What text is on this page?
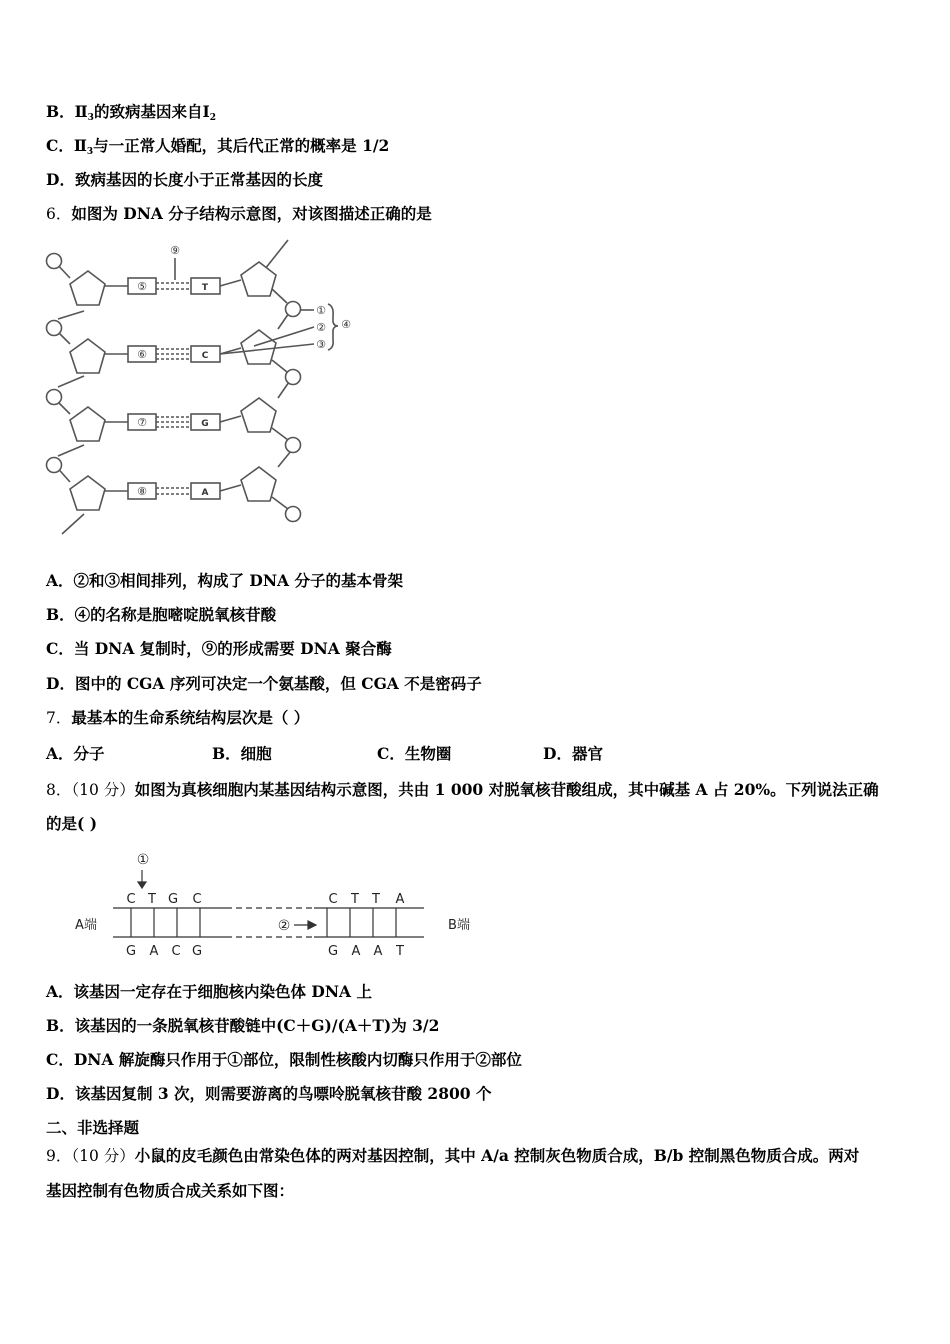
B．$Ⅱ_3$的致病基因来自$Ⅰ_2$
C．$Ⅱ_3$与一正常人婚配，其后代正常的概率是 1/2
D．致病基因的长度小于正常基因的长度
6．如图为 DNA 分子结构示意图，对该图描述正确的是
⑤
⑥
⑦
⑧
T
C
G
A
⑨
①
②
③
④
A．②和③相间排列，构成了 DNA 分子的基本骨架
B．④的名称是胞嘧啶脱氧核苷酸
C．当 DNA 复制时，⑨的形成需要 DNA 聚合酶
D．图中的 CGA 序列可决定一个氨基酸，但 CGA 不是密码子
7．最基本的生命系统结构层次是（ ）
A．分子	B．细胞	C．生物圈	D．器官
8．（10 分）如图为真核细胞内某基因结构示意图，共由 1 000 对脱氧核苷酸组成，其中碱基 A 占 20%。下列说法正确
的是( )
A端	B端
①
②
C T G C
G A C G
C T T A
G A A T
A．该基因一定存在于细胞核内染色体 DNA 上
B．该基因的一条脱氧核苷酸链中(C＋G)/(A＋T)为 3/2
C．DNA 解旋酶只作用于①部位，限制性核酸内切酶只作用于②部位
D．该基因复制 3 次，则需要游离的鸟嘌呤脱氧核苷酸 2800 个
二、非选择题
9．（10 分）小鼠的皮毛颜色由常染色体的两对基因控制，其中 A/a 控制灰色物质合成，B/b 控制黑色物质合成。两对
基因控制有色物质合成关系如下图：
